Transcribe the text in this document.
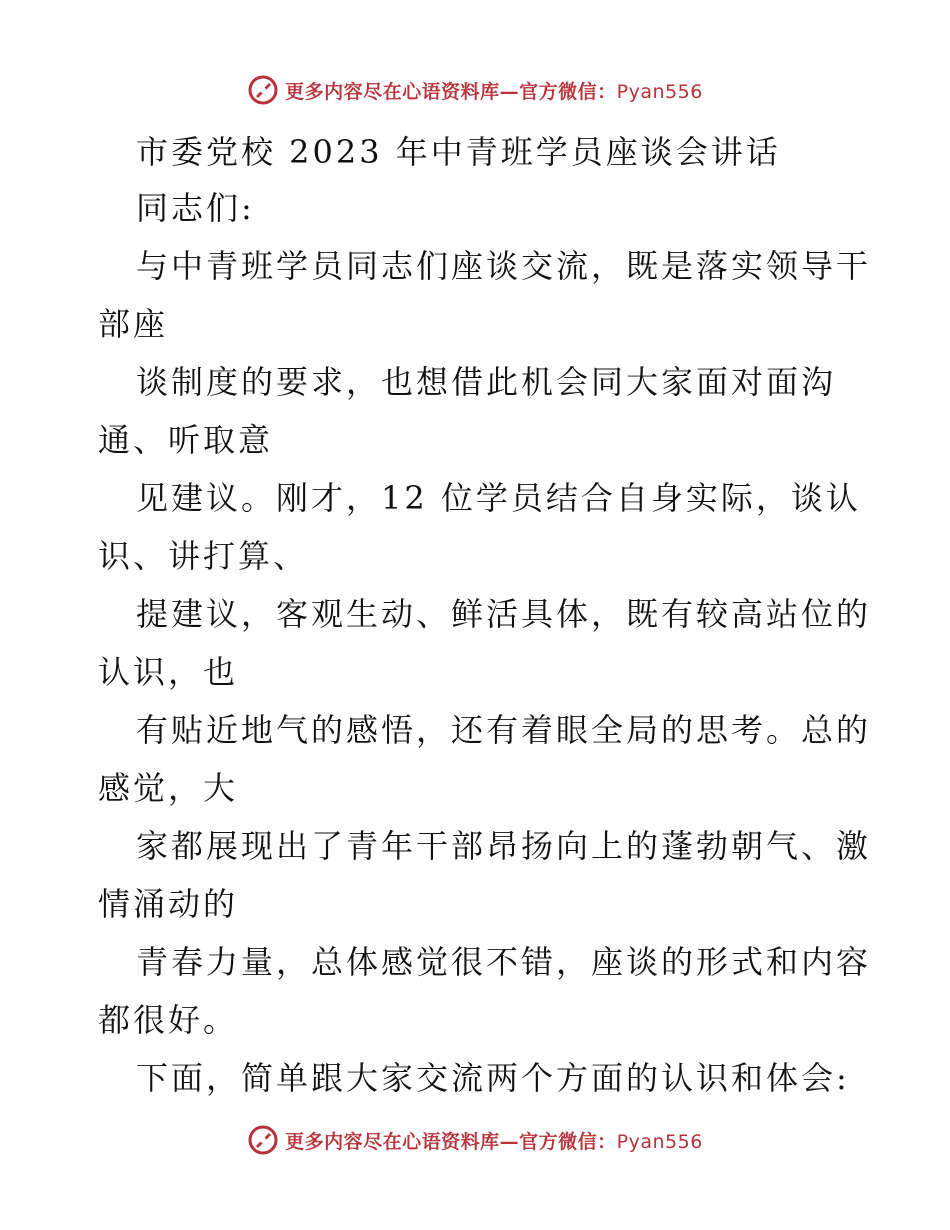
更多内容尽在心语资料库—官方微信：Pyan556
市委党校 2023 年中青班学员座谈会讲话
同志们:
与中青班学员同志们座谈交流，既是落实领导干
部座
谈制度的要求，也想借此机会同大家面对面沟
通、听取意
见建议。刚才，12 位学员结合自身实际，谈认
识、讲打算、
提建议，客观生动、鲜活具体，既有较高站位的
认识，也
有贴近地气的感悟，还有着眼全局的思考。总的
感觉，大
家都展现出了青年干部昂扬向上的蓬勃朝气、激
情涌动的
青春力量，总体感觉很不错，座谈的形式和内容
都很好。
下面，简单跟大家交流两个方面的认识和体会:
更多内容尽在心语资料库—官方微信：Pyan556
